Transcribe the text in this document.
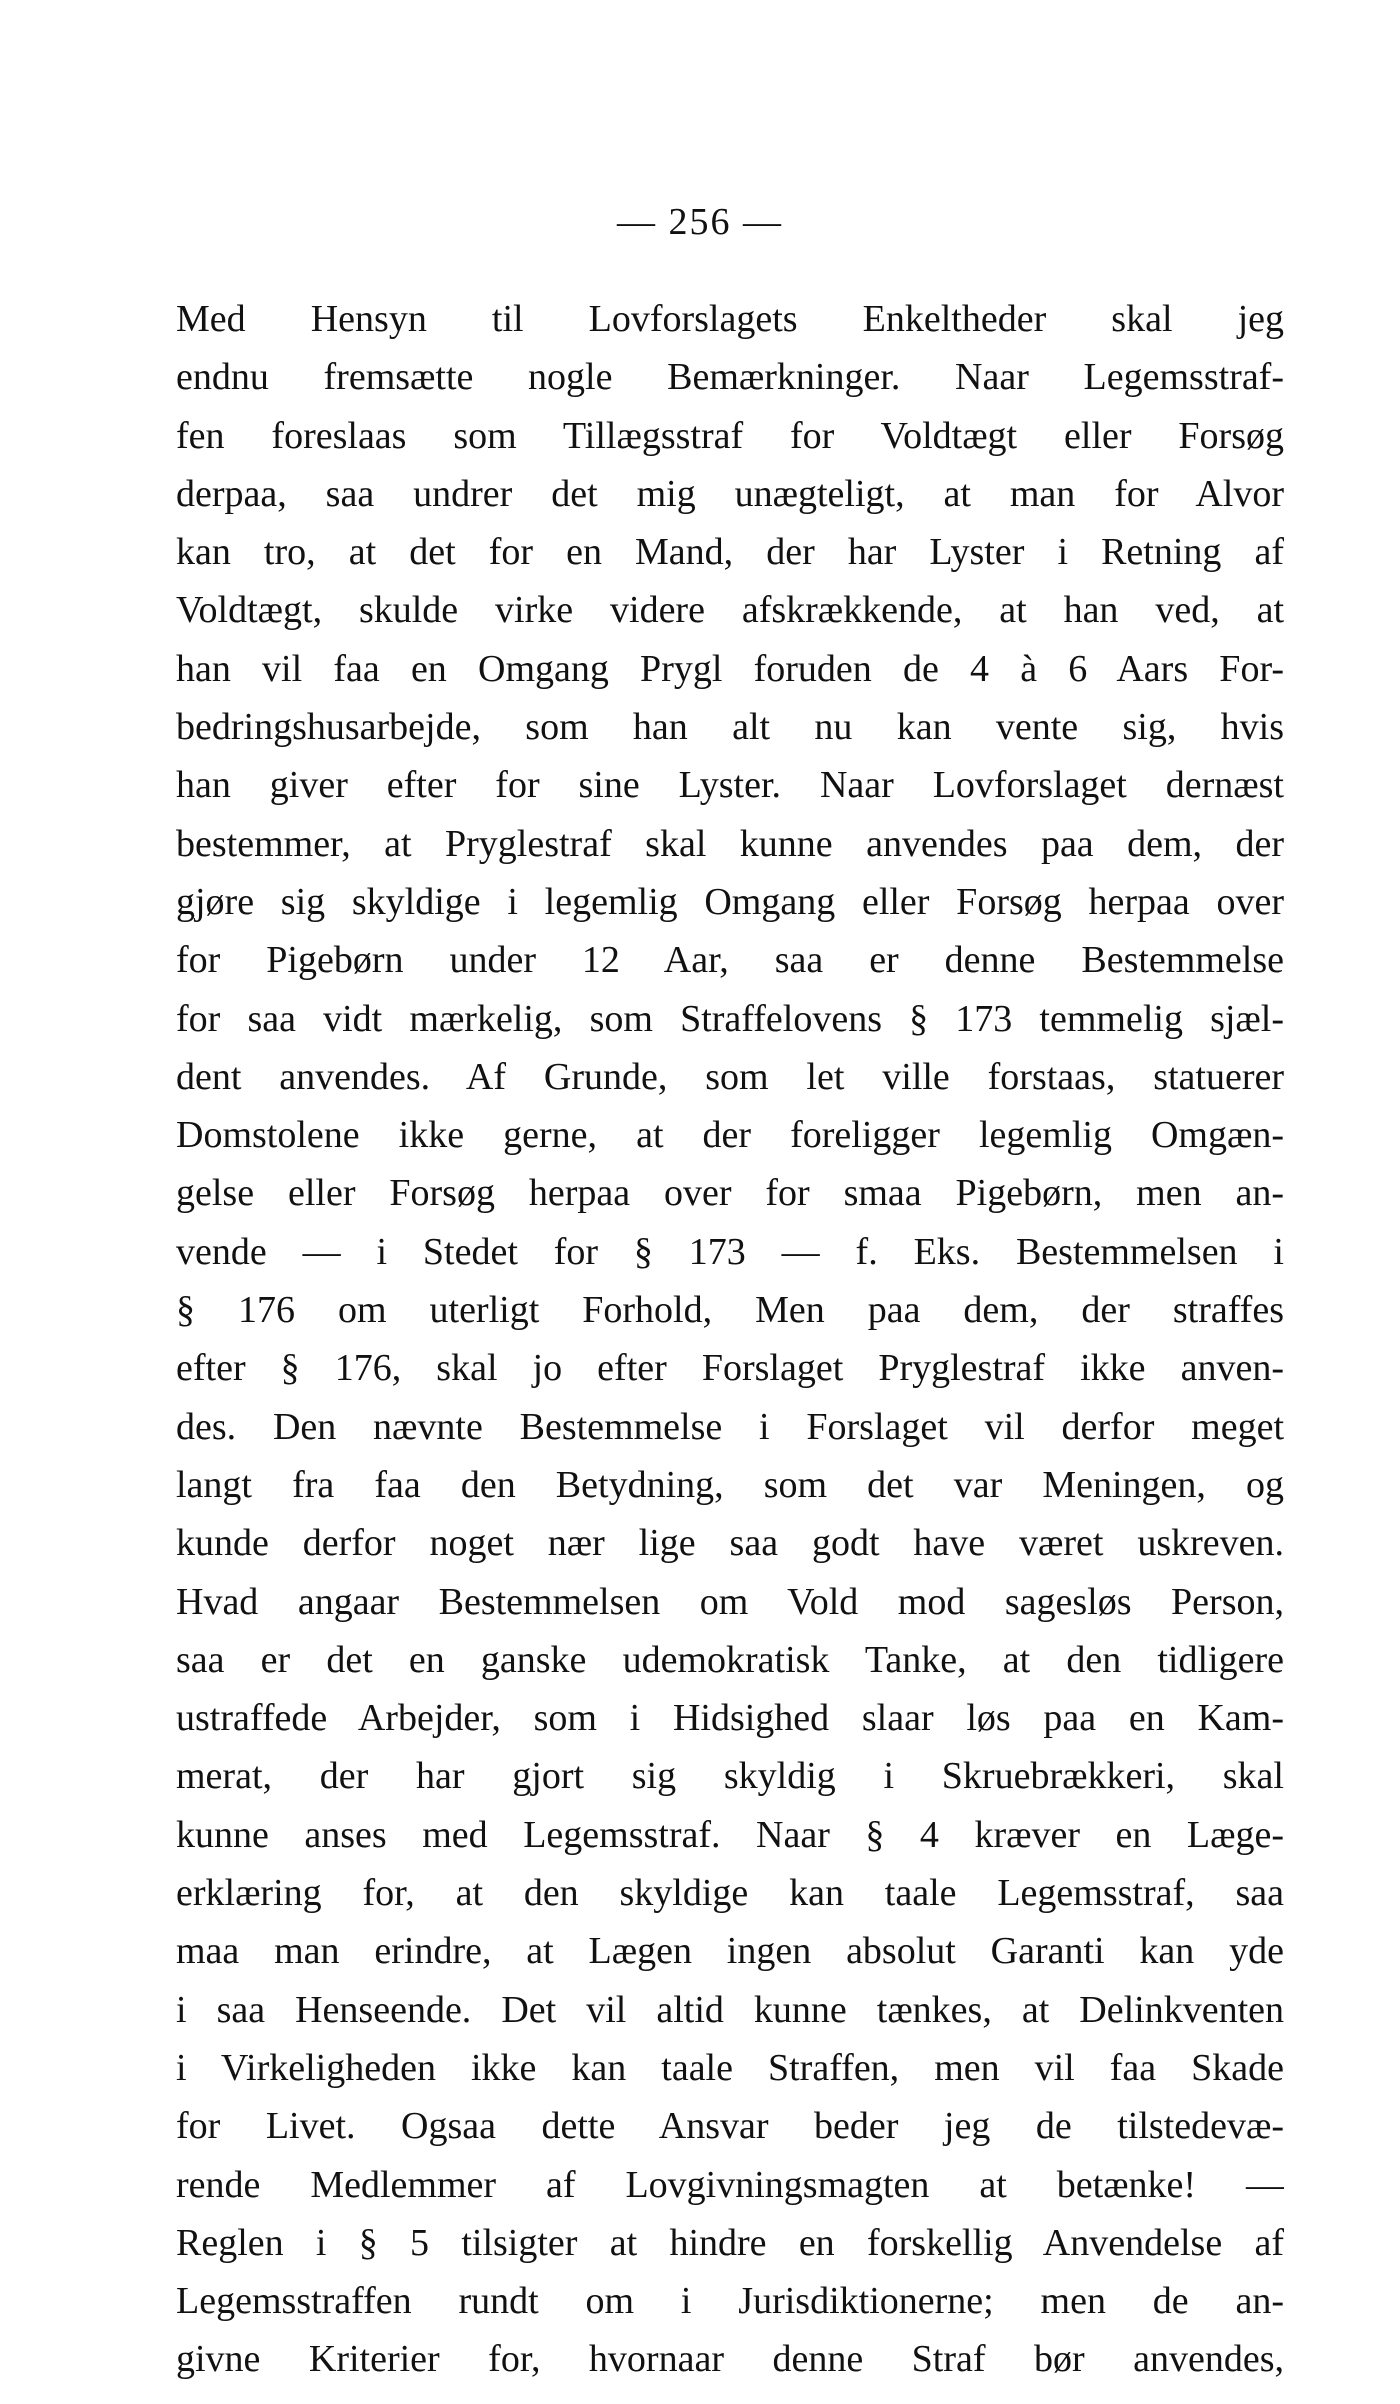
— 256 —
Med Hensyn til Lovforslagets Enkeltheder skal jeg
endnu fremsætte nogle Bemærkninger. Naar Legemsstraf-
fen foreslaas som Tillægsstraf for Voldtægt eller Forsøg
derpaa, saa undrer det mig unægteligt, at man for Alvor
kan tro, at det for en Mand, der har Lyster i Retning af
Voldtægt, skulde virke videre afskrækkende, at han ved, at
han vil faa en Omgang Prygl foruden de 4 à 6 Aars For-
bedringshusarbejde, som han alt nu kan vente sig, hvis
han giver efter for sine Lyster. Naar Lovforslaget dernæst
bestemmer, at Pryglestraf skal kunne anvendes paa dem, der
gjøre sig skyldige i legemlig Omgang eller Forsøg herpaa over
for Pigebørn under 12 Aar, saa er denne Bestemmelse
for saa vidt mærkelig, som Straffelovens § 173 temmelig sjæl-
dent anvendes. Af Grunde, som let ville forstaas, statuerer
Domstolene ikke gerne, at der foreligger legemlig Omgæn-
gelse eller Forsøg herpaa over for smaa Pigebørn, men an-
vende — i Stedet for § 173 — f. Eks. Bestemmelsen i
§ 176 om uterligt Forhold, Men paa dem, der straffes
efter § 176, skal jo efter Forslaget Pryglestraf ikke anven-
des. Den nævnte Bestemmelse i Forslaget vil derfor meget
langt fra faa den Betydning, som det var Meningen, og
kunde derfor noget nær lige saa godt have været uskreven.
Hvad angaar Bestemmelsen om Vold mod sagesløs Person,
saa er det en ganske udemokratisk Tanke, at den tidligere
ustraffede Arbejder, som i Hidsighed slaar løs paa en Kam-
merat, der har gjort sig skyldig i Skruebrækkeri, skal
kunne anses med Legemsstraf. Naar § 4 kræver en Læge-
erklæring for, at den skyldige kan taale Legemsstraf, saa
maa man erindre, at Lægen ingen absolut Garanti kan yde
i saa Henseende. Det vil altid kunne tænkes, at Delinkventen
i Virkeligheden ikke kan taale Straffen, men vil faa Skade
for Livet. Ogsaa dette Ansvar beder jeg de tilstedevæ-
rende Medlemmer af Lovgivningsmagten at betænke! —
Reglen i § 5 tilsigter at hindre en forskellig Anvendelse af
Legemsstraffen rundt om i Jurisdiktionerne; men de an-
givne Kriterier for, hvornaar denne Straf bør anvendes,
